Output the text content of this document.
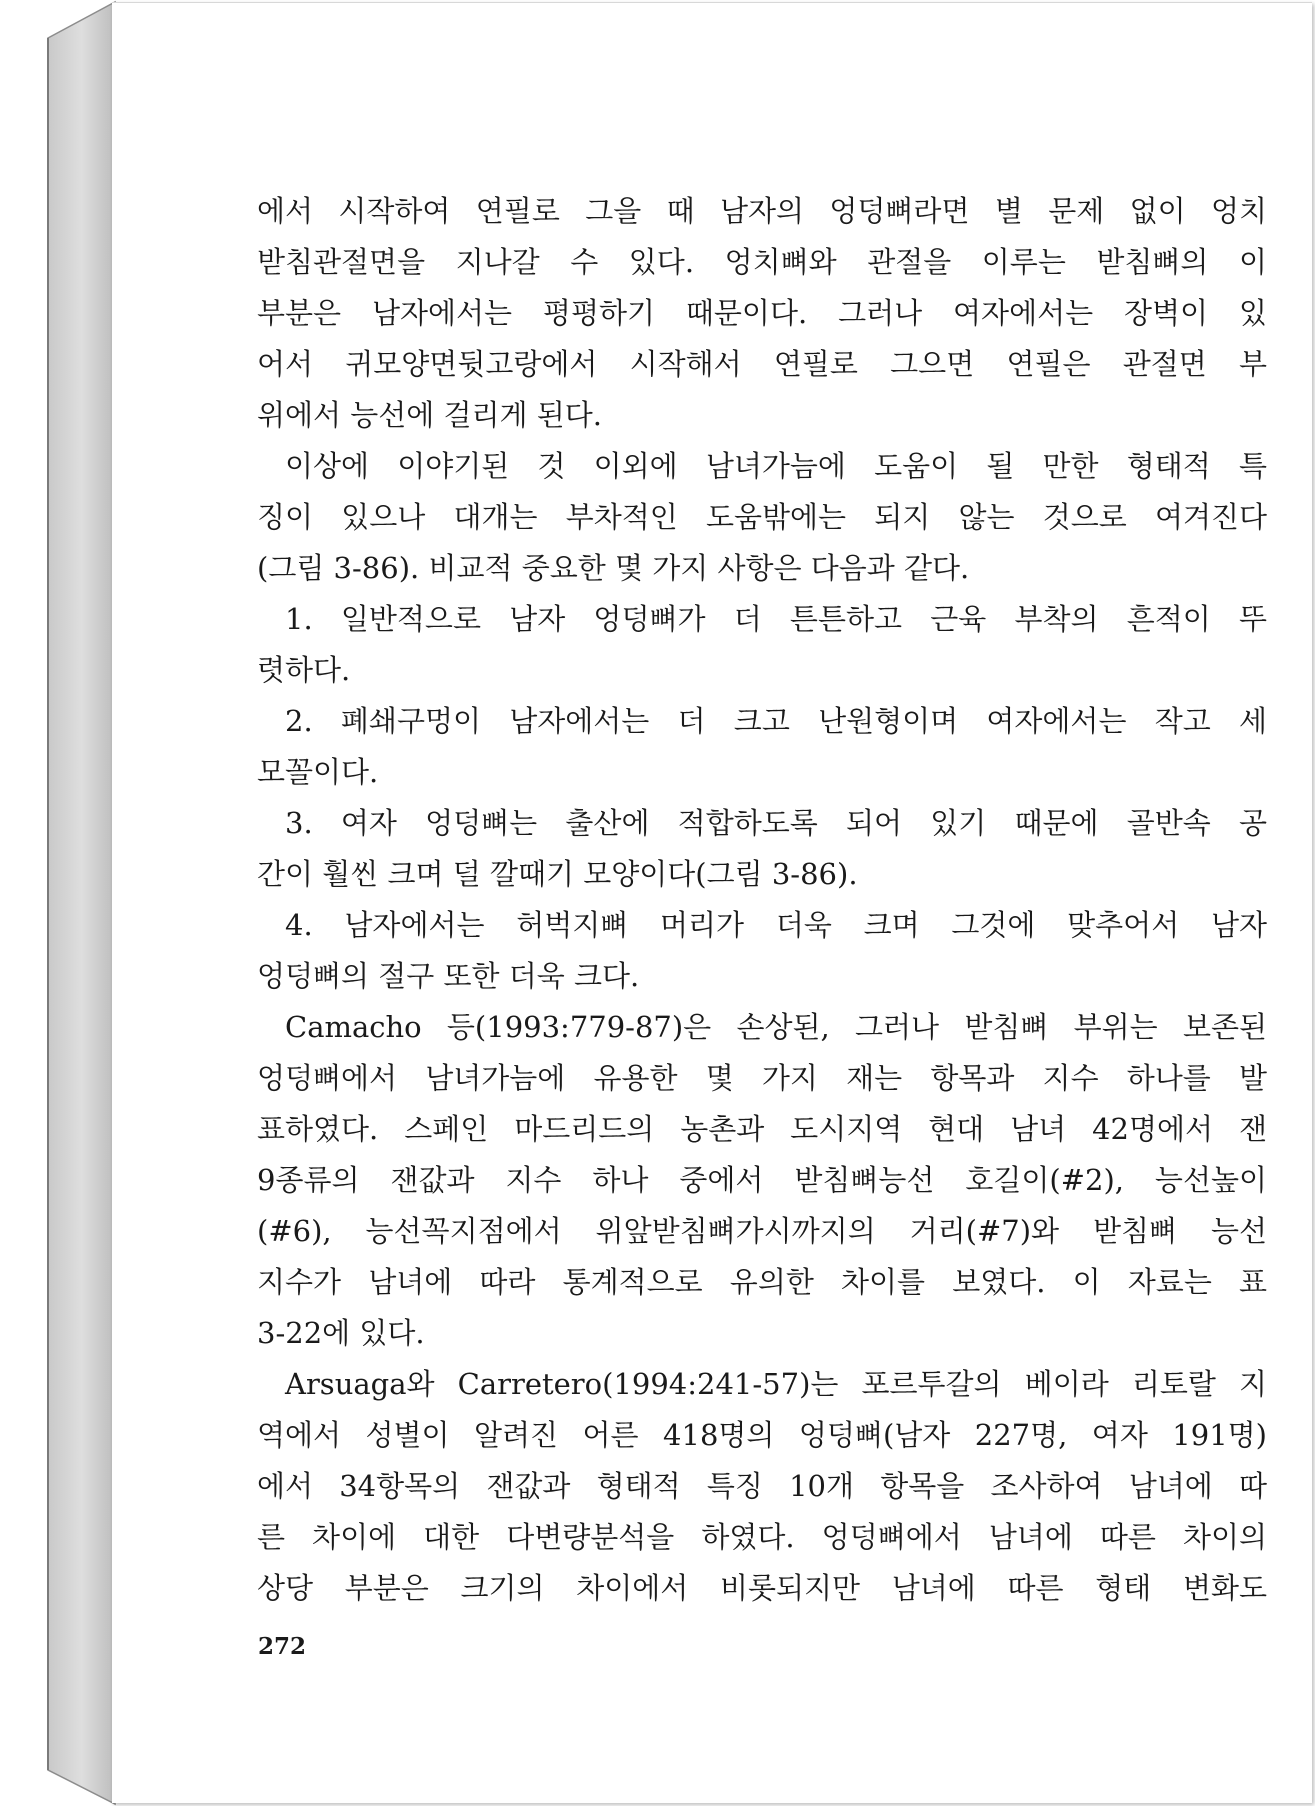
에서 시작하여 연필로 그을 때 남자의 엉덩뼈라면 별 문제 없이 엉치
받침관절면을 지나갈 수 있다. 엉치뼈와 관절을 이루는 받침뼈의 이
부분은 남자에서는 평평하기 때문이다. 그러나 여자에서는 장벽이 있
어서 귀모양면뒷고랑에서 시작해서 연필로 그으면 연필은 관절면 부
위에서 능선에 걸리게 된다.
이상에 이야기된 것 이외에 남녀가늠에 도움이 될 만한 형태적 특
징이 있으나 대개는 부차적인 도움밖에는 되지 않는 것으로 여겨진다
(그림 3-86). 비교적 중요한 몇 가지 사항은 다음과 같다.
1. 일반적으로 남자 엉덩뼈가 더 튼튼하고 근육 부착의 흔적이 뚜
렷하다.
2. 폐쇄구멍이 남자에서는 더 크고 난원형이며 여자에서는 작고 세
모꼴이다.
3. 여자 엉덩뼈는 출산에 적합하도록 되어 있기 때문에 골반속 공
간이 훨씬 크며 덜 깔때기 모양이다(그림 3-86).
4. 남자에서는 허벅지뼈 머리가 더욱 크며 그것에 맞추어서 남자
엉덩뼈의 절구 또한 더욱 크다.
Camacho 등(1993:779-87)은 손상된, 그러나 받침뼈 부위는 보존된
엉덩뼈에서 남녀가늠에 유용한 몇 가지 재는 항목과 지수 하나를 발
표하였다. 스페인 마드리드의 농촌과 도시지역 현대 남녀 42명에서 잰
9종류의 잰값과 지수 하나 중에서 받침뼈능선 호길이(#2), 능선높이
(#6), 능선꼭지점에서 위앞받침뼈가시까지의 거리(#7)와 받침뼈 능선
지수가 남녀에 따라 통계적으로 유의한 차이를 보였다. 이 자료는 표
3-22에 있다.
Arsuaga와 Carretero(1994:241-57)는 포르투갈의 베이라 리토랄 지
역에서 성별이 알려진 어른 418명의 엉덩뼈(남자 227명, 여자 191명)
에서 34항목의 잰값과 형태적 특징 10개 항목을 조사하여 남녀에 따
른 차이에 대한 다변량분석을 하였다. 엉덩뼈에서 남녀에 따른 차이의
상당 부분은 크기의 차이에서 비롯되지만 남녀에 따른 형태 변화도
272
